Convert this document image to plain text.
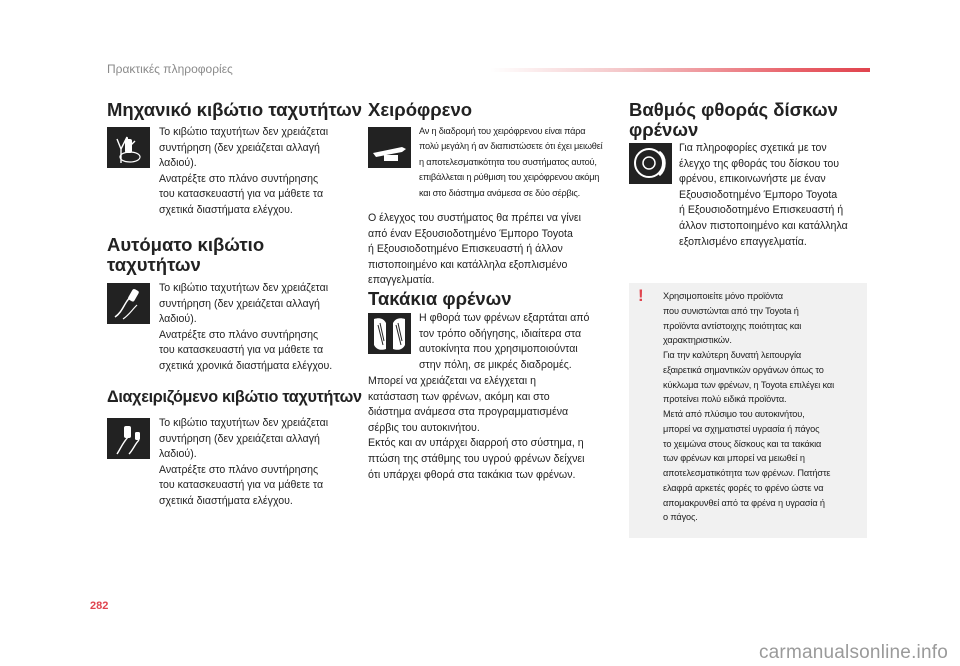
Πρακτικές πληροφορίες
Μηχανικό κιβώτιο ταχυτήτων
Το κιβώτιο ταχυτήτων δεν χρειάζεται
συντήρηση (δεν χρειάζεται αλλαγή
λαδιού).
Ανατρέξτε στο πλάνο συντήρησης
του κατασκευαστή για να μάθετε τα
σχετικά διαστήματα ελέγχου.
Αυτόματο κιβώτιο
ταχυτήτων
Το κιβώτιο ταχυτήτων δεν χρειάζεται
συντήρηση (δεν χρειάζεται αλλαγή
λαδιού).
Ανατρέξτε στο πλάνο συντήρησης
του κατασκευαστή για να μάθετε τα
σχετικά χρονικά διαστήματα ελέγχου.
Διαχειριζόμενο κιβώτιο ταχυτήτων
Το κιβώτιο ταχυτήτων δεν χρειάζεται
συντήρηση (δεν χρειάζεται αλλαγή
λαδιού).
Ανατρέξτε στο πλάνο συντήρησης
του κατασκευαστή για να μάθετε τα
σχετικά διαστήματα ελέγχου.
Χειρόφρενο
Αν η διαδρομή του χειρόφρενου είναι πάρα
πολύ μεγάλη ή αν διαπιστώσετε ότι έχει μειωθεί
η αποτελεσματικότητα του συστήματος αυτού,
επιβάλλεται η ρύθμιση του χειρόφρενου ακόμη
και στο διάστημα ανάμεσα σε δύο σέρβις.
Ο έλεγχος του συστήματος θα πρέπει να γίνει
από έναν Εξουσιοδοτημένο Έμπορο Toyota
ή Εξουσιοδοτημένο Επισκευαστή ή άλλον
πιστοποιημένο και κατάλληλα εξοπλισμένο
επαγγελματία.
Τακάκια φρένων
Η φθορά των φρένων εξαρτάται από
τον τρόπο οδήγησης, ιδιαίτερα στα
αυτοκίνητα που χρησιμοποιούνται
στην πόλη, σε μικρές διαδρομές.
Μπορεί να χρειάζεται να ελέγχεται η
κατάσταση των φρένων, ακόμη και στο
διάστημα ανάμεσα στα προγραμματισμένα
σέρβις του αυτοκινήτου.
Εκτός και αν υπάρχει διαρροή στο σύστημα, η
πτώση της στάθμης του υγρού φρένων δείχνει
ότι υπάρχει φθορά στα τακάκια των φρένων.
Βαθμός φθοράς δίσκων
φρένων
Για πληροφορίες σχετικά με τον
έλεγχο της φθοράς του δίσκου του
φρένου, επικοινωνήστε με έναν
Εξουσιοδοτημένο Έμπορο Toyota
ή Εξουσιοδοτημένο Επισκευαστή ή
άλλον πιστοποιημένο και κατάλληλα
εξοπλισμένο επαγγελματία.
! Χρησιμοποιείτε μόνο προϊόντα
που συνιστώνται από την Toyota ή
προϊόντα αντίστοιχης ποιότητας και
χαρακτηριστικών.
Για την καλύτερη δυνατή λειτουργία
εξαιρετικά σημαντικών οργάνων όπως το
κύκλωμα των φρένων, η Toyota επιλέγει και
προτείνει πολύ ειδικά προϊόντα.
Μετά από πλύσιμο του αυτοκινήτου,
μπορεί να σχηματιστεί υγρασία ή πάγος
το χειμώνα στους δίσκους και τα τακάκια
των φρένων και μπορεί να μειωθεί η
αποτελεσματικότητα των φρένων. Πατήστε
ελαφρά αρκετές φορές το φρένο ώστε να
απομακρυνθεί από τα φρένα η υγρασία ή
ο πάγος.
282
carmanualsonline.info
